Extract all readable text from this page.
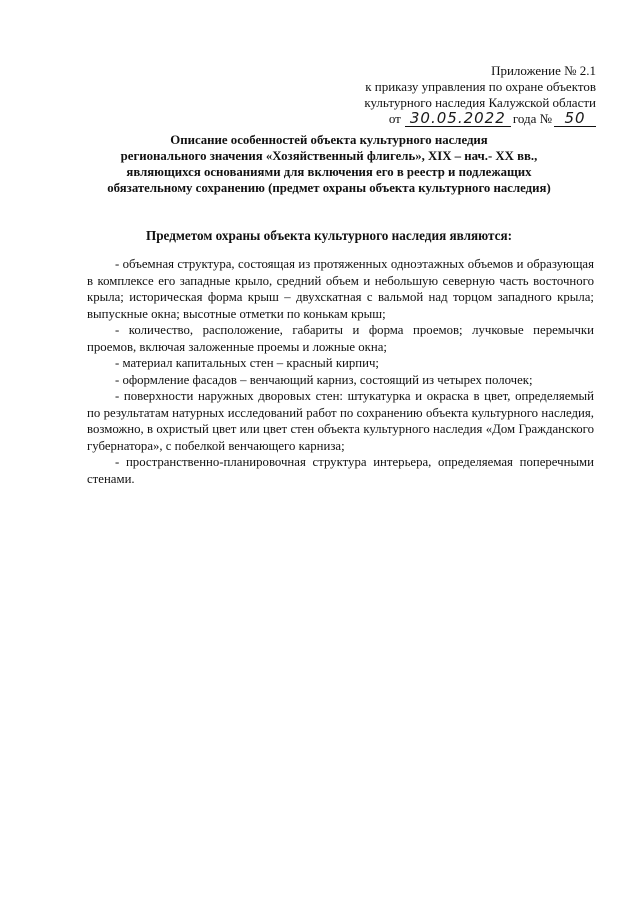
Приложение № 2.1
к приказу управления по охране объектов
культурного наследия Калужской области
от 30.05.2022 года № 50
Описание особенностей объекта культурного наследия
регионального значения «Хозяйственный флигель», XIX – нач.- XX вв.,
являющихся основаниями для включения его в реестр и подлежащих
обязательному сохранению (предмет охраны объекта культурного наследия)
Предметом охраны объекта культурного наследия являются:

- объемная структура, состоящая из протяженных одноэтажных объемов и образующая в комплексе его западные крыло, средний объем и небольшую северную часть восточного крыла; историческая форма крыш – двухскатная с вальмой над торцом западного крыла; выпускные окна; высотные отметки по конькам крыш;

- количество, расположение, габариты и форма проемов; лучковые перемычки проемов, включая заложенные проемы и ложные окна;

- материал капитальных стен – красный кирпич;

- оформление фасадов – венчающий карниз, состоящий из четырех полочек;

- поверхности наружных дворовых стен: штукатурка и окраска в цвет, определяемый по результатам натурных исследований работ по сохранению объекта культурного наследия, возможно, в охристый цвет или цвет стен объекта культурного наследия «Дом Гражданского губернатора», с побелкой венчающего карниза;

- пространственно-планировочная структура интерьера, определяемая поперечными стенами.
